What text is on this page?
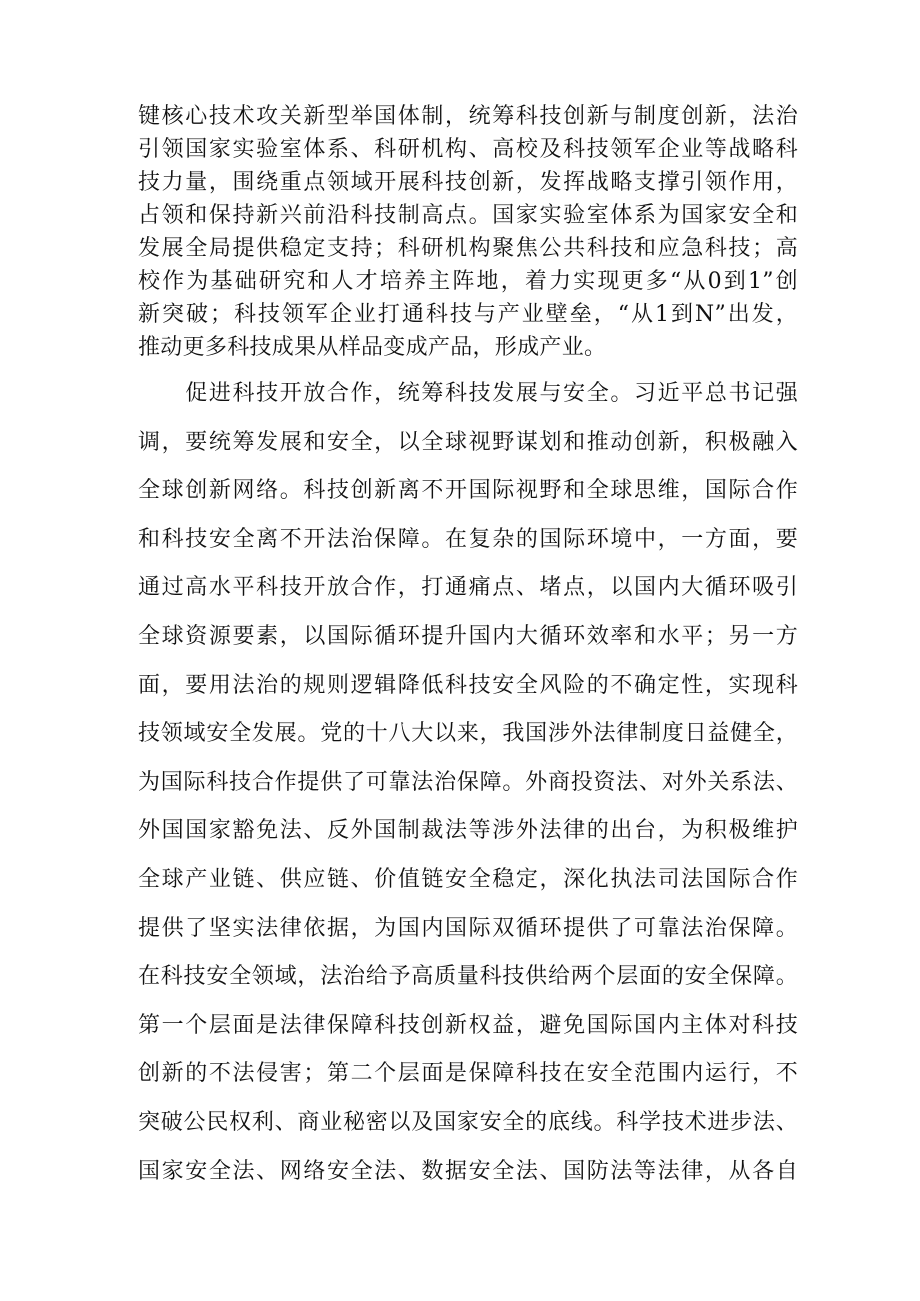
键核心技术攻关新型举国体制，统筹科技创新与制度创新，法治
引领国家实验室体系、科研机构、高校及科技领军企业等战略科
技力量，围绕重点领域开展科技创新，发挥战略支撑引领作用，
占领和保持新兴前沿科技制高点。国家实验室体系为国家安全和
发展全局提供稳定支持；科研机构聚焦公共科技和应急科技；高
校作为基础研究和人才培养主阵地，着力实现更多“从0到1”创
新突破；科技领军企业打通科技与产业壁垒，“从1到N”出发，
推动更多科技成果从样品变成产品，形成产业。
　　促进科技开放合作，统筹科技发展与安全。习近平总书记强
调，要统筹发展和安全，以全球视野谋划和推动创新，积极融入
全球创新网络。科技创新离不开国际视野和全球思维，国际合作
和科技安全离不开法治保障。在复杂的国际环境中，一方面，要
通过高水平科技开放合作，打通痛点、堵点，以国内大循环吸引
全球资源要素，以国际循环提升国内大循环效率和水平；另一方
面，要用法治的规则逻辑降低科技安全风险的不确定性，实现科
技领域安全发展。党的十八大以来，我国涉外法律制度日益健全，
为国际科技合作提供了可靠法治保障。外商投资法、对外关系法、
外国国家豁免法、反外国制裁法等涉外法律的出台，为积极维护
全球产业链、供应链、价值链安全稳定，深化执法司法国际合作
提供了坚实法律依据，为国内国际双循环提供了可靠法治保障。
在科技安全领域，法治给予高质量科技供给两个层面的安全保障。
第一个层面是法律保障科技创新权益，避免国际国内主体对科技
创新的不法侵害；第二个层面是保障科技在安全范围内运行，不
突破公民权利、商业秘密以及国家安全的底线。科学技术进步法、
国家安全法、网络安全法、数据安全法、国防法等法律，从各自
